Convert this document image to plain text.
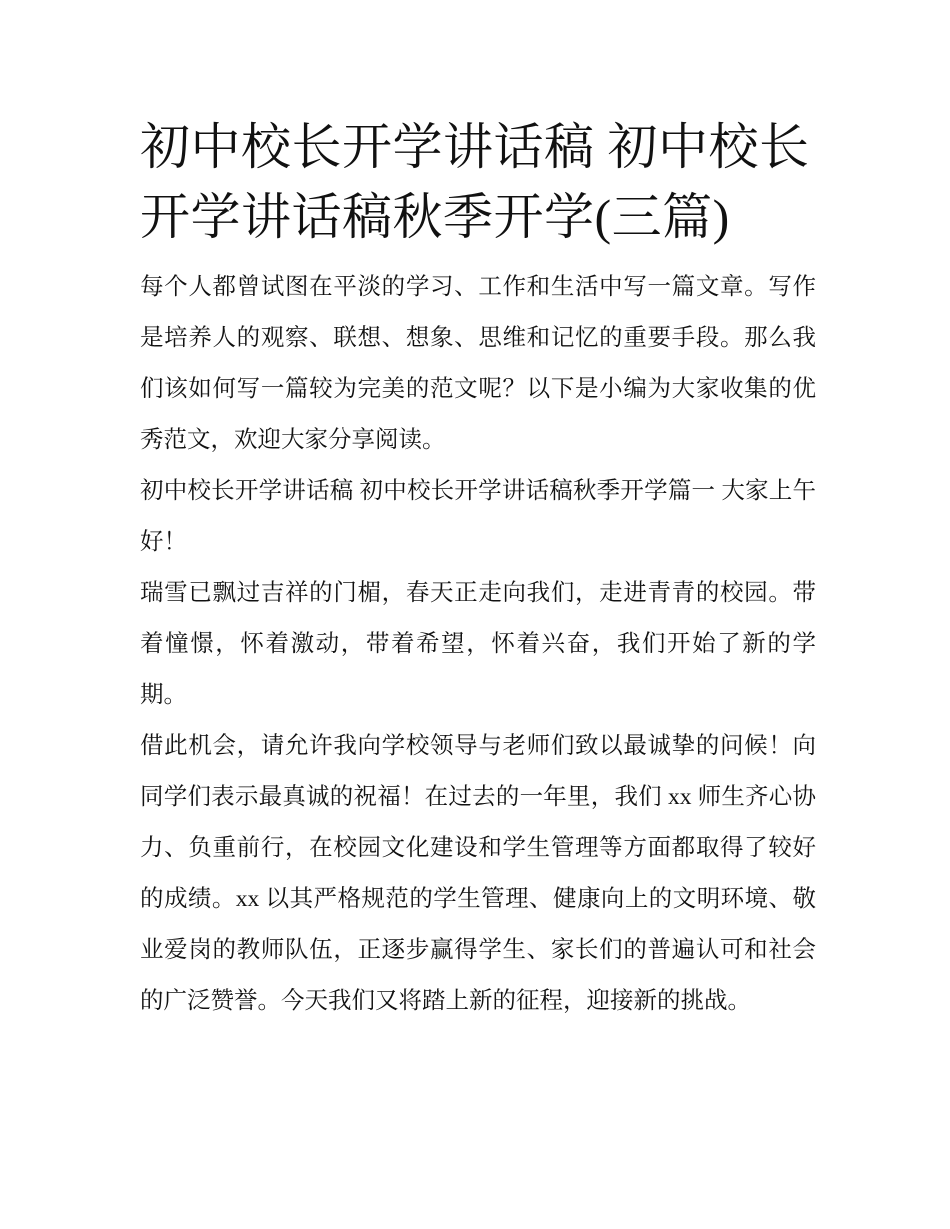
初中校长开学讲话稿 初中校长开学讲话稿秋季开学(三篇)

每个人都曾试图在平淡的学习、工作和生活中写一篇文章。写作是培养人的观察、联想、想象、思维和记忆的重要手段。那么我们该如何写一篇较为完美的范文呢？以下是小编为大家收集的优秀范文，欢迎大家分享阅读。

初中校长开学讲话稿 初中校长开学讲话稿秋季开学篇一 大家上午好！

瑞雪已飘过吉祥的门楣，春天正走向我们，走进青青的校园。带着憧憬，怀着激动，带着希望，怀着兴奋，我们开始了新的学期。

借此机会，请允许我向学校领导与老师们致以最诚挚的问候！向同学们表示最真诚的祝福！在过去的一年里，我们 xx 师生齐心协力、负重前行，在校园文化建设和学生管理等方面都取得了较好的成绩。xx 以其严格规范的学生管理、健康向上的文明环境、敬业爱岗的教师队伍，正逐步赢得学生、家长们的普遍认可和社会的广泛赞誉。今天我们又将踏上新的征程，迎接新的挑战。
